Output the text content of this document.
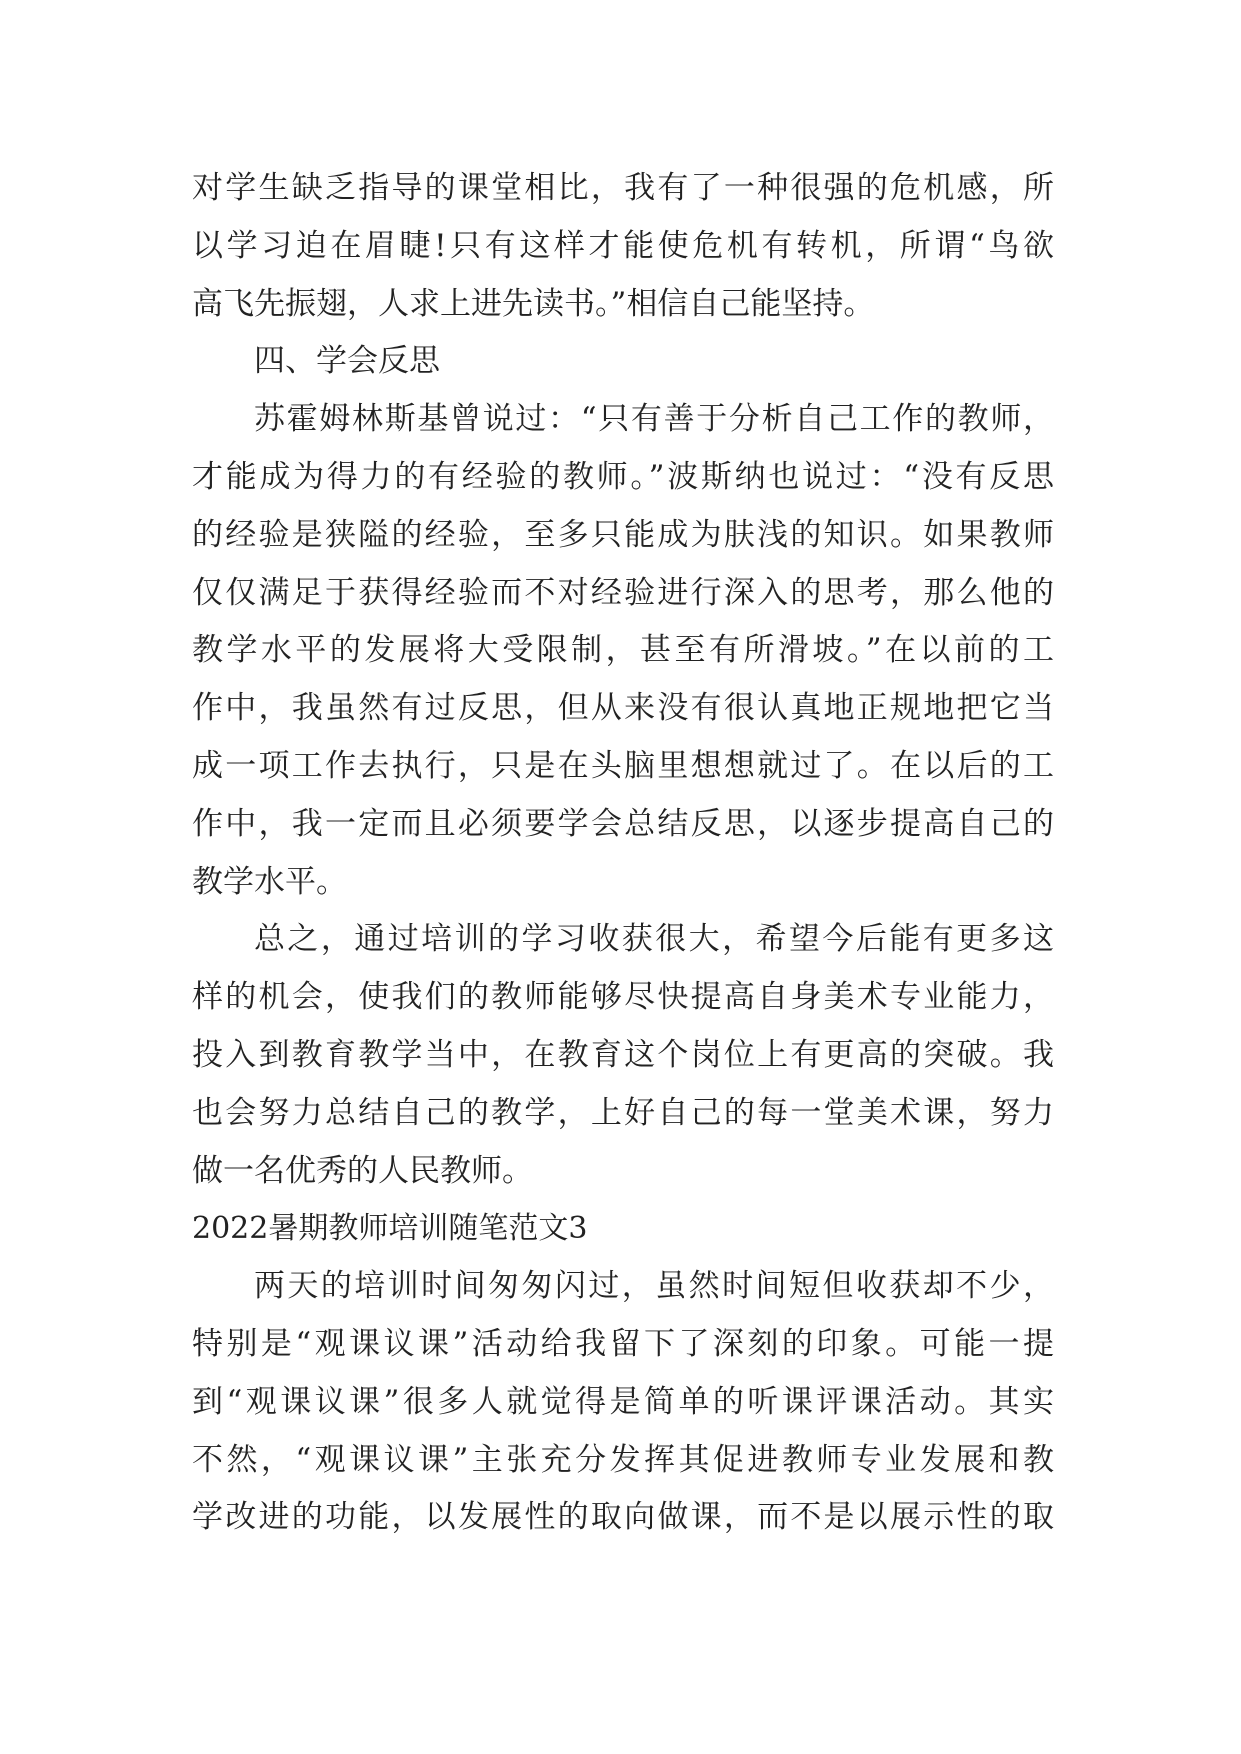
对学生缺乏指导的课堂相比，我有了一种很强的危机感，所
以学习迫在眉睫!只有这样才能使危机有转机，所谓“鸟欲
高飞先振翅，人求上进先读书。”相信自己能坚持。
四、学会反思
苏霍姆林斯基曾说过：“只有善于分析自己工作的教师，
才能成为得力的有经验的教师。”波斯纳也说过：“没有反思
的经验是狭隘的经验，至多只能成为肤浅的知识。如果教师
仅仅满足于获得经验而不对经验进行深入的思考，那么他的
教学水平的发展将大受限制，甚至有所滑坡。”在以前的工
作中，我虽然有过反思，但从来没有很认真地正规地把它当
成一项工作去执行，只是在头脑里想想就过了。在以后的工
作中，我一定而且必须要学会总结反思，以逐步提高自己的
教学水平。
总之，通过培训的学习收获很大，希望今后能有更多这
样的机会，使我们的教师能够尽快提高自身美术专业能力，
投入到教育教学当中，在教育这个岗位上有更高的突破。我
也会努力总结自己的教学，上好自己的每一堂美术课，努力
做一名优秀的人民教师。
2022暑期教师培训随笔范文3
两天的培训时间匆匆闪过，虽然时间短但收获却不少，
特别是“观课议课”活动给我留下了深刻的印象。可能一提
到“观课议课”很多人就觉得是简单的听课评课活动。其实
不然，“观课议课”主张充分发挥其促进教师专业发展和教
学改进的功能，以发展性的取向做课，而不是以展示性的取
